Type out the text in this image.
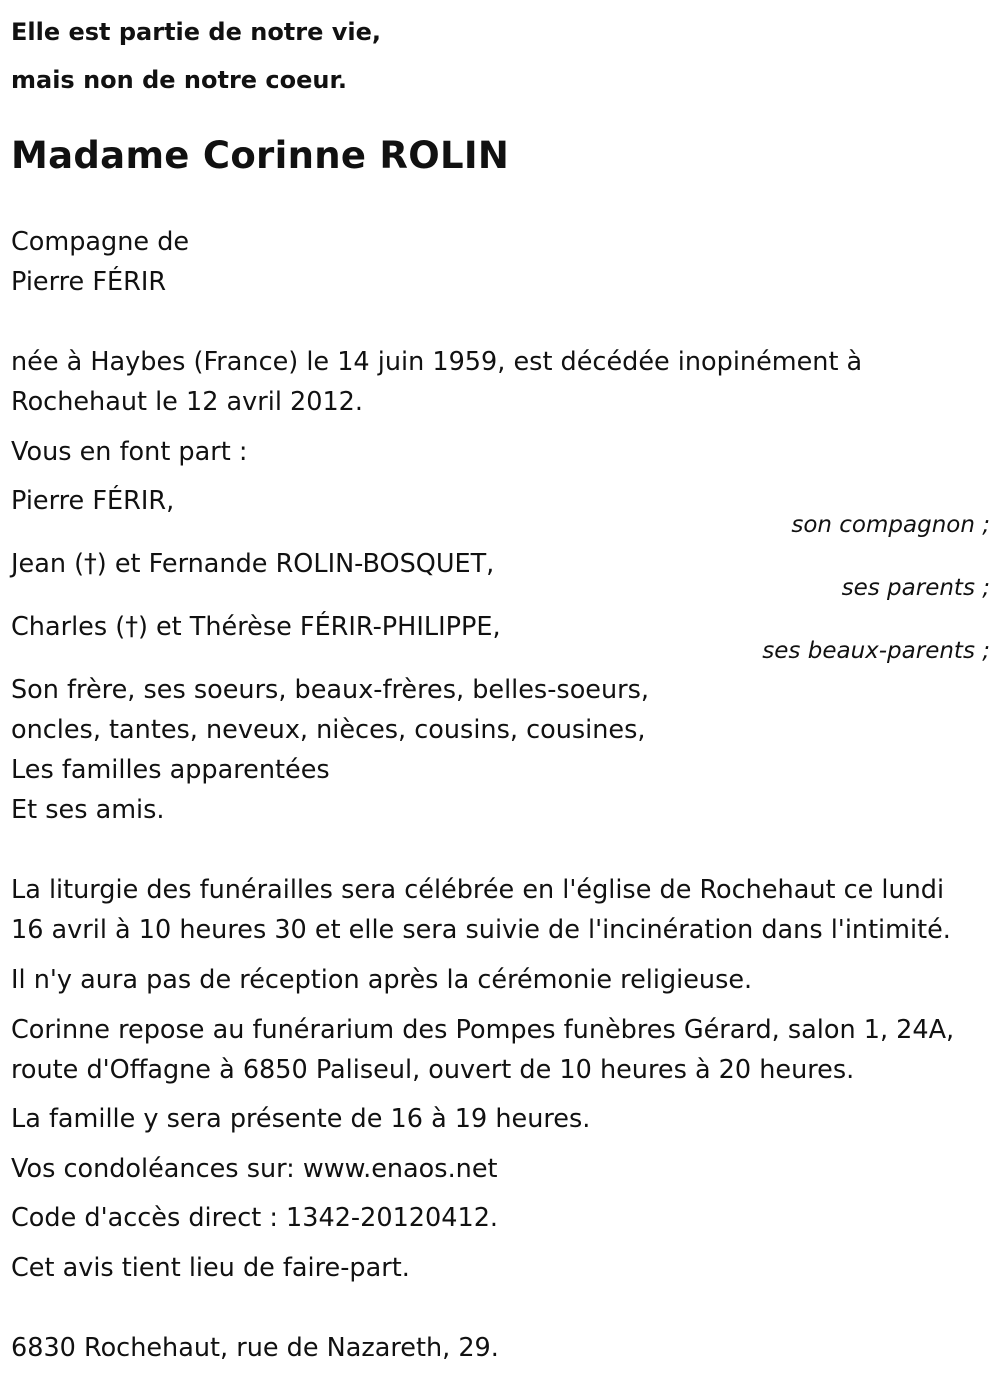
Elle est partie de notre vie,
mais non de notre coeur.
Madame Corinne ROLIN
Compagne de
Pierre FÉRIR
née à Haybes (France) le 14 juin 1959, est décédée inopinément à
Rochehaut le 12 avril 2012.
Vous en font part :
Pierre FÉRIR,
son compagnon ;
Jean (†) et Fernande ROLIN-BOSQUET,
ses parents ;
Charles (†) et Thérèse FÉRIR-PHILIPPE,
ses beaux-parents ;
Son frère, ses soeurs, beaux-frères, belles-soeurs,
oncles, tantes, neveux, nièces, cousins, cousines,
Les familles apparentées
Et ses amis.
La liturgie des funérailles sera célébrée en l'église de Rochehaut ce lundi
16 avril à 10 heures 30 et elle sera suivie de l'incinération dans l'intimité.
Il n'y aura pas de réception après la cérémonie religieuse.
Corinne repose au funérarium des Pompes funèbres Gérard, salon 1, 24A,
route d'Offagne à 6850 Paliseul, ouvert de 10 heures à 20 heures.
La famille y sera présente de 16 à 19 heures.
Vos condoléances sur: www.enaos.net
Code d'accès direct : 1342-20120412.
Cet avis tient lieu de faire-part.
6830 Rochehaut, rue de Nazareth, 29.
